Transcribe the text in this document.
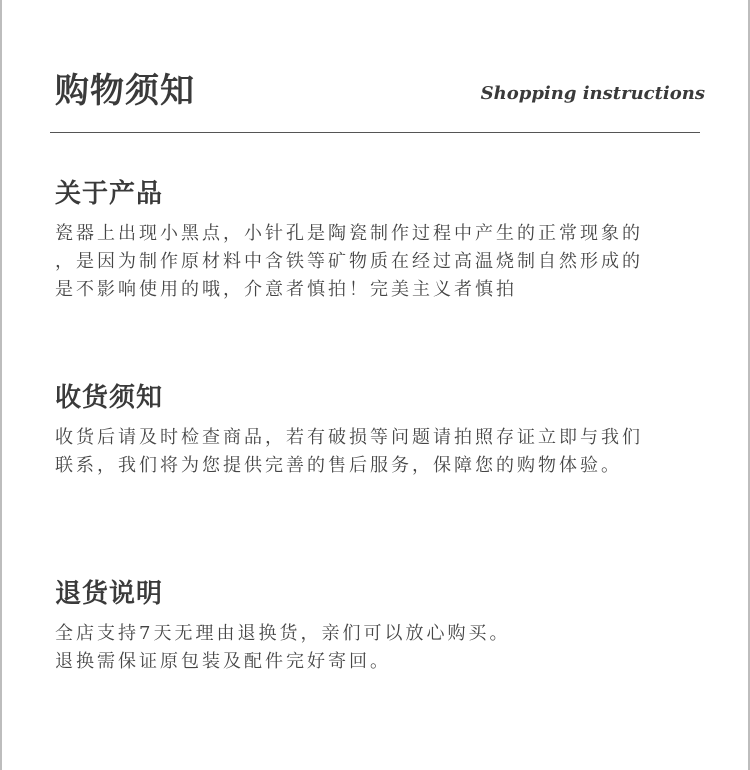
购物须知	Shopping instructions
关于产品
瓷器上出现小黑点，小针孔是陶瓷制作过程中产生的正常现象的
，是因为制作原材料中含铁等矿物质在经过高温烧制自然形成的
是不影响使用的哦，介意者慎拍！完美主义者慎拍
收货须知
收货后请及时检查商品，若有破损等问题请拍照存证立即与我们
联系，我们将为您提供完善的售后服务，保障您的购物体验。
退货说明
全店支持7天无理由退换货，亲们可以放心购买。
退换需保证原包装及配件完好寄回。
